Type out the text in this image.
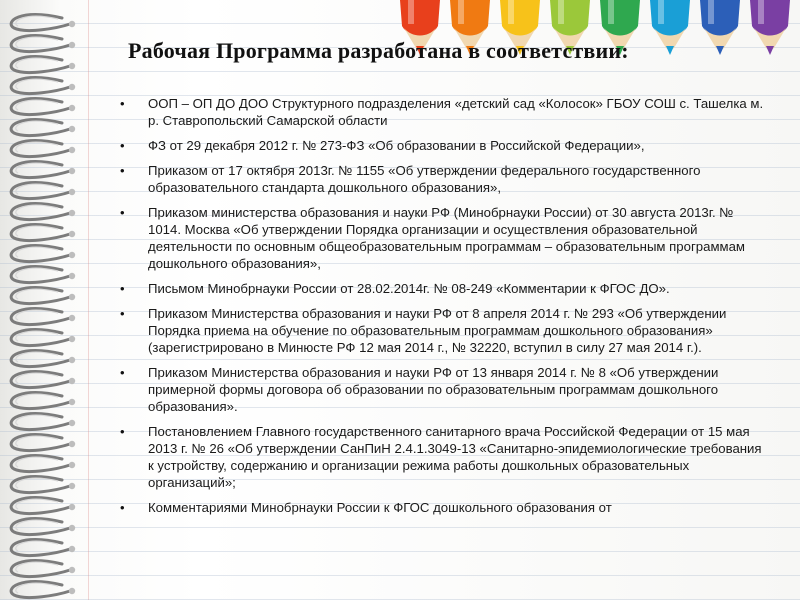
Рабочая Программа разработана в соответствии:
• ООП – ОП ДО ДОО Структурного подразделения «детский сад «Колосок» ГБОУ СОШ с. Ташелка м. р. Ставропольский Самарской области
• ФЗ от 29 декабря 2012 г. № 273-ФЗ «Об образовании в Российской Федерации»,
• Приказом от 17 октября 2013г. № 1155 «Об утверждении федерального государственного образовательного стандарта дошкольного образования»,
• Приказом министерства образования и науки РФ (Минобрнауки России) от 30 августа 2013г. № 1014. Москва «Об утверждении Порядка организации и осуществления образовательной деятельности по основным общеобразовательным программам – образовательным программам дошкольного образования»,
• Письмом Минобрнауки России от 28.02.2014г. № 08-249 «Комментарии к ФГОС ДО».
• Приказом Министерства образования и науки РФ от 8 апреля 2014 г. № 293 «Об утверждении Порядка приема на обучение по образовательным программам дошкольного образования» (зарегистрировано в Минюсте РФ 12 мая 2014 г., № 32220, вступил в силу 27 мая 2014 г.).
• Приказом Министерства образования и науки РФ от 13 января 2014 г. № 8 «Об утверждении примерной формы договора об образовании по образовательным программам дошкольного образования».
• Постановлением Главного государственного санитарного врача Российской Федерации от 15 мая 2013 г. № 26 «Об утверждении СанПиН 2.4.1.3049-13 «Санитарно-эпидемиологические требования к устройству, содержанию и организации режима работы дошкольных образовательных организаций»;
• Комментариями Минобрнауки России к ФГОС дошкольного образования от
